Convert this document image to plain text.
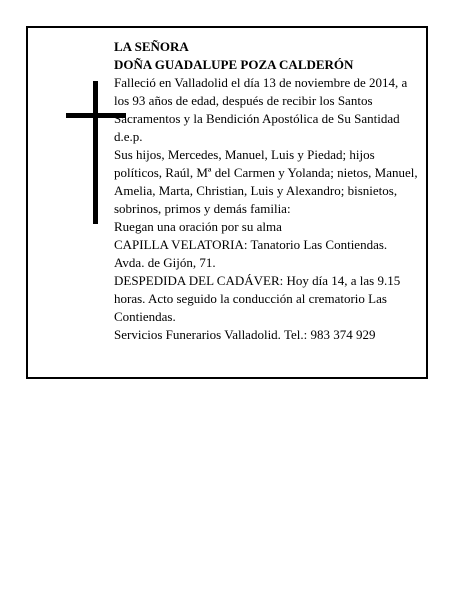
LA SEÑORA

DOÑA GUADALUPE POZA CALDERÓN

Falleció en Valladolid el día 13 de noviembre de 2014, a los 93 años de edad, después de recibir los Santos Sacramentos y la Bendición Apostólica de Su Santidad d.e.p.

Sus hijos, Mercedes, Manuel, Luis y Piedad; hijos políticos, Raúl, Mª del Carmen y Yolanda; nietos, Manuel, Amelia, Marta, Christian, Luis y Alexandro; bisnietos, sobrinos, primos y demás familia:

Ruegan una oración por su alma

CAPILLA VELATORIA: Tanatorio Las Contiendas. Avda. de Gijón, 71.

DESPEDIDA DEL CADÁVER: Hoy día 14, a las 9.15 horas. Acto seguido la conducción al crematorio Las Contiendas.

Servicios Funerarios Valladolid. Tel.: 983 374 929
